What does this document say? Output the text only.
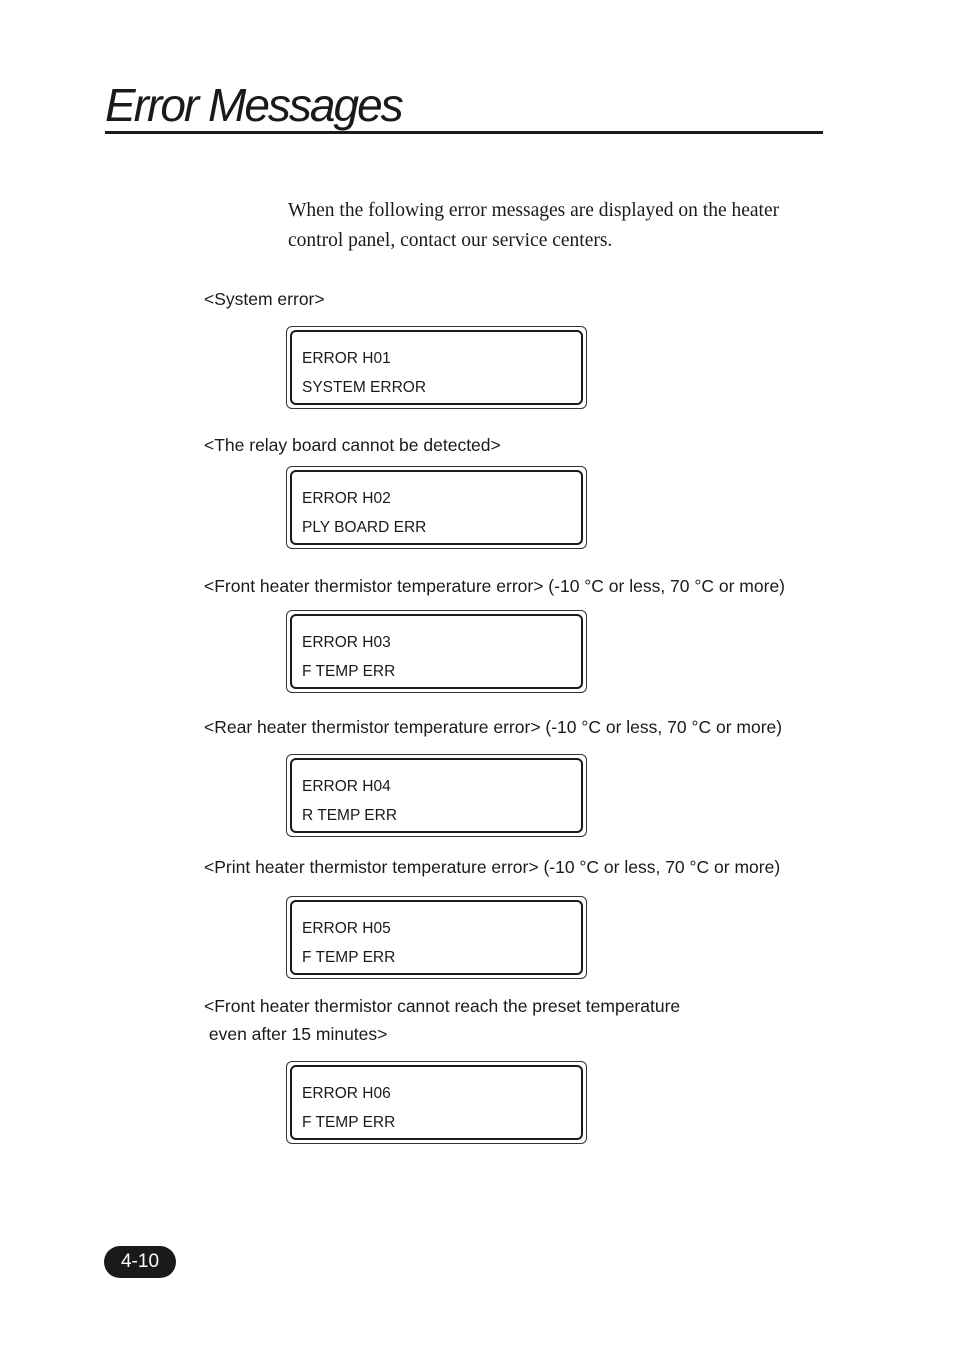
Error Messages

When the following error messages are displayed on the heater
control panel, contact our service centers.

<System error>

ERROR H01
SYSTEM ERROR

<The relay board cannot be detected>

ERROR H02
PLY BOARD ERR

<Front heater thermistor temperature error> (-10 °C or less, 70 °C or more)

ERROR H03
F TEMP ERR

<Rear heater thermistor temperature error> (-10 °C or less, 70 °C or more)

ERROR H04
R TEMP ERR

<Print heater thermistor temperature error> (-10 °C or less, 70 °C or more)

ERROR H05
F TEMP ERR

<Front heater thermistor cannot reach the preset temperature
even after 15 minutes>

ERROR H06
F TEMP ERR
4-10
